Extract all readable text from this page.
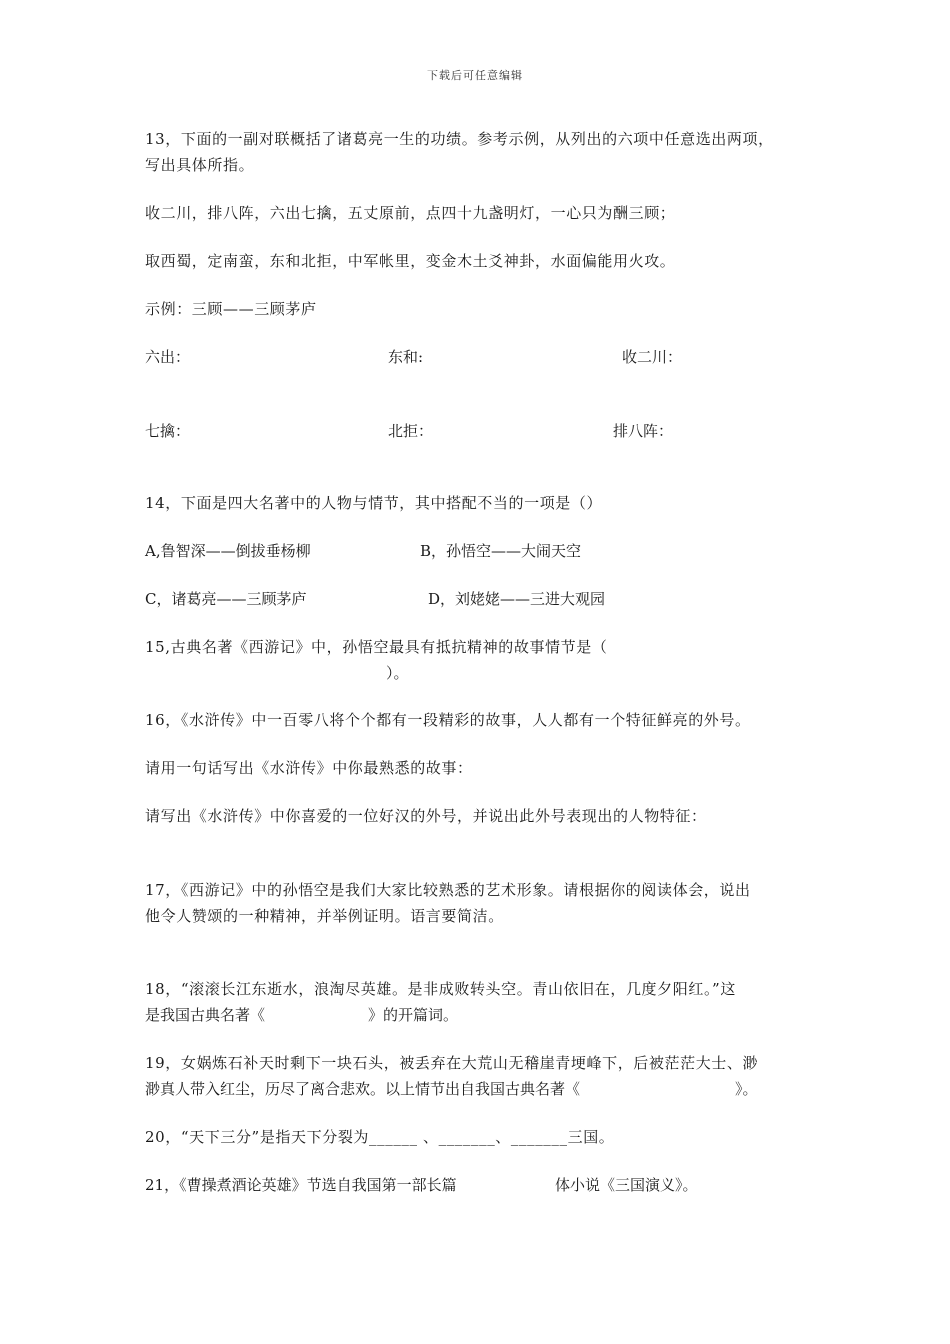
下载后可任意编辑
13，下面的一副对联概括了诸葛亮一生的功绩。参考示例，从列出的六项中任意选出两项，
写出具体所指。
收二川，排八阵，六出七擒，五丈原前，点四十九盏明灯，一心只为酬三顾；
取西蜀，定南蛮，东和北拒，中军帐里，变金木土爻神卦，水面偏能用火攻。
示例：三顾——三顾茅庐
六出：	东和:	收二川：
七擒：	北拒：	排八阵：
14，下面是四大名著中的人物与情节，其中搭配不当的一项是（）
A,鲁智深——倒拔垂杨柳	B，孙悟空——大闹天空
C，诸葛亮——三顾茅庐	D，刘姥姥——三进大观园
15,古典名著《西游记》中，孙悟空最具有抵抗精神的故事情节是（
）。
16，《水浒传》中一百零八将个个都有一段精彩的故事，人人都有一个特征鲜亮的外号。
请用一句话写出《水浒传》中你最熟悉的故事：
请写出《水浒传》中你喜爱的一位好汉的外号，并说出此外号表现出的人物特征：
17，《西游记》中的孙悟空是我们大家比较熟悉的艺术形象。请根据你的阅读体会，说出
他令人赞颂的一种精神，并举例证明。语言要简洁。
18，“滚滚长江东逝水，浪淘尽英雄。是非成败转头空。青山依旧在，几度夕阳红。”这
是我国古典名著《	》的开篇词。
19，女娲炼石补天时剩下一块石头，被丢弃在大荒山无稽崖青埂峰下，后被茫茫大士、渺
渺真人带入红尘，历尽了离合悲欢。以上情节出自我国古典名著《	》。
20，“天下三分”是指天下分裂为______ 、_______、_______三国。
21，《曹操煮酒论英雄》节选自我国第一部长篇	体小说《三国演义》。
